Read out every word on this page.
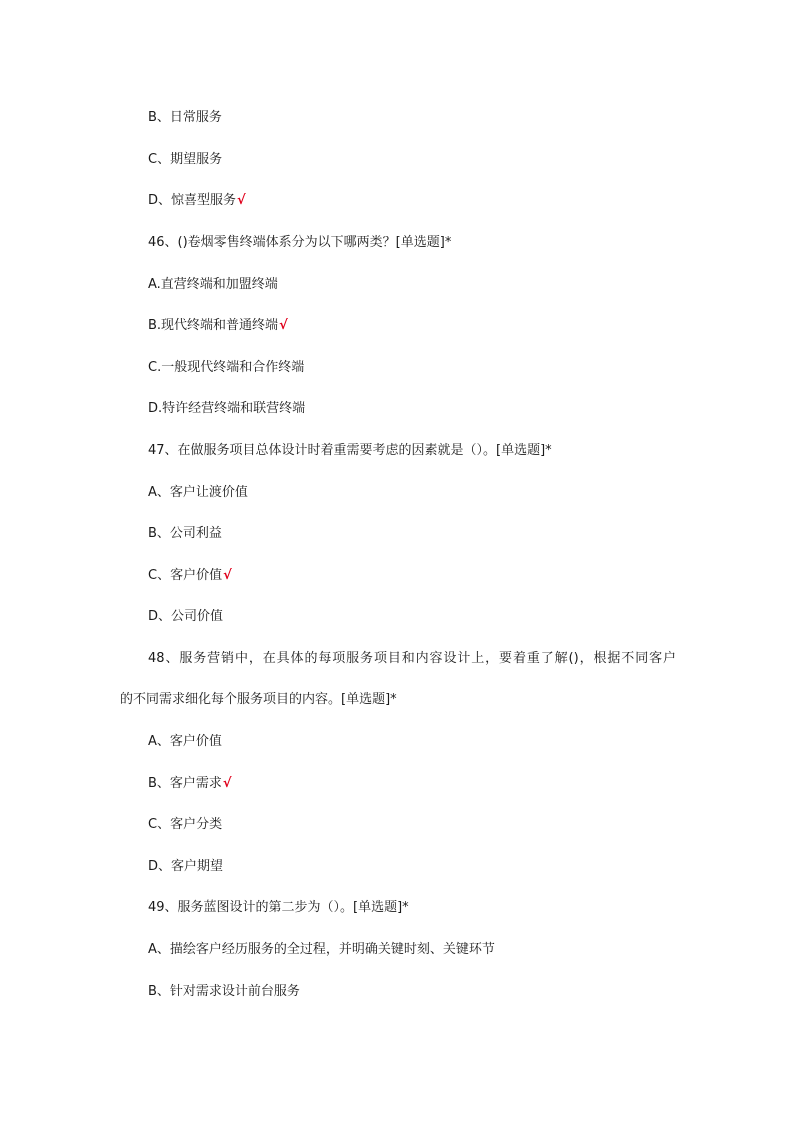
B、日常服务
C、期望服务
D、惊喜型服务√
46、()卷烟零售终端体系分为以下哪两类？[单选题]*
A.直营终端和加盟终端
B.现代终端和普通终端√
C.一般现代终端和合作终端
D.特许经营终端和联营终端
47、在做服务项目总体设计时着重需要考虑的因素就是（）。[单选题]*
A、客户让渡价值
B、公司利益
C、客户价值√
D、公司价值
48、服务营销中，在具体的每项服务项目和内容设计上，要着重了解()，根据不同客户
的不同需求细化每个服务项目的内容。[单选题]*
A、客户价值
B、客户需求√
C、客户分类
D、客户期望
49、服务蓝图设计的第二步为（）。[单选题]*
A、描绘客户经历服务的全过程，并明确关键时刻、关键环节
B、针对需求设计前台服务
